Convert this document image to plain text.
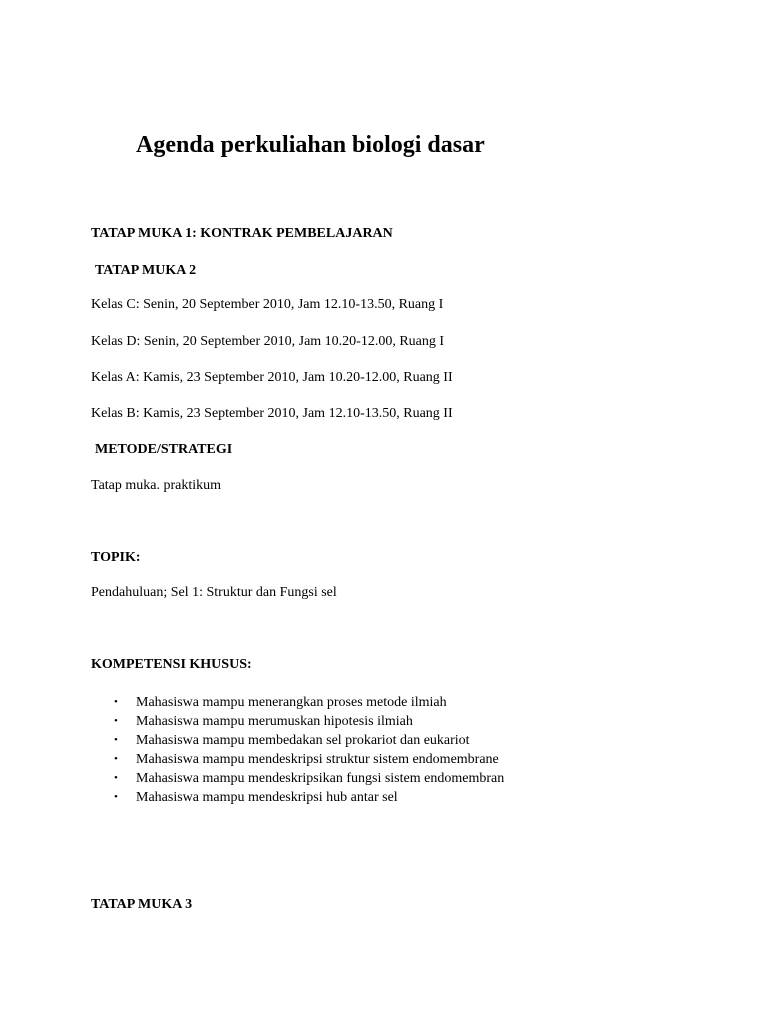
Agenda perkuliahan biologi dasar
TATAP MUKA 1: KONTRAK PEMBELAJARAN
TATAP MUKA 2
Kelas C: Senin, 20 September 2010, Jam 12.10-13.50, Ruang I
Kelas D: Senin, 20 September 2010, Jam 10.20-12.00, Ruang I
Kelas A: Kamis, 23 September 2010, Jam 10.20-12.00, Ruang II
Kelas B: Kamis, 23 September 2010, Jam 12.10-13.50, Ruang II
METODE/STRATEGI
Tatap muka. praktikum
TOPIK:
Pendahuluan; Sel 1: Struktur dan Fungsi sel
KOMPETENSI KHUSUS:
• Mahasiswa mampu menerangkan proses metode ilmiah
• Mahasiswa mampu merumuskan hipotesis ilmiah
• Mahasiswa mampu membedakan sel prokariot dan eukariot
• Mahasiswa mampu mendeskripsi struktur sistem endomembrane
• Mahasiswa mampu mendeskripsikan fungsi sistem endomembran
• Mahasiswa mampu mendeskripsi hub antar sel
TATAP MUKA 3
